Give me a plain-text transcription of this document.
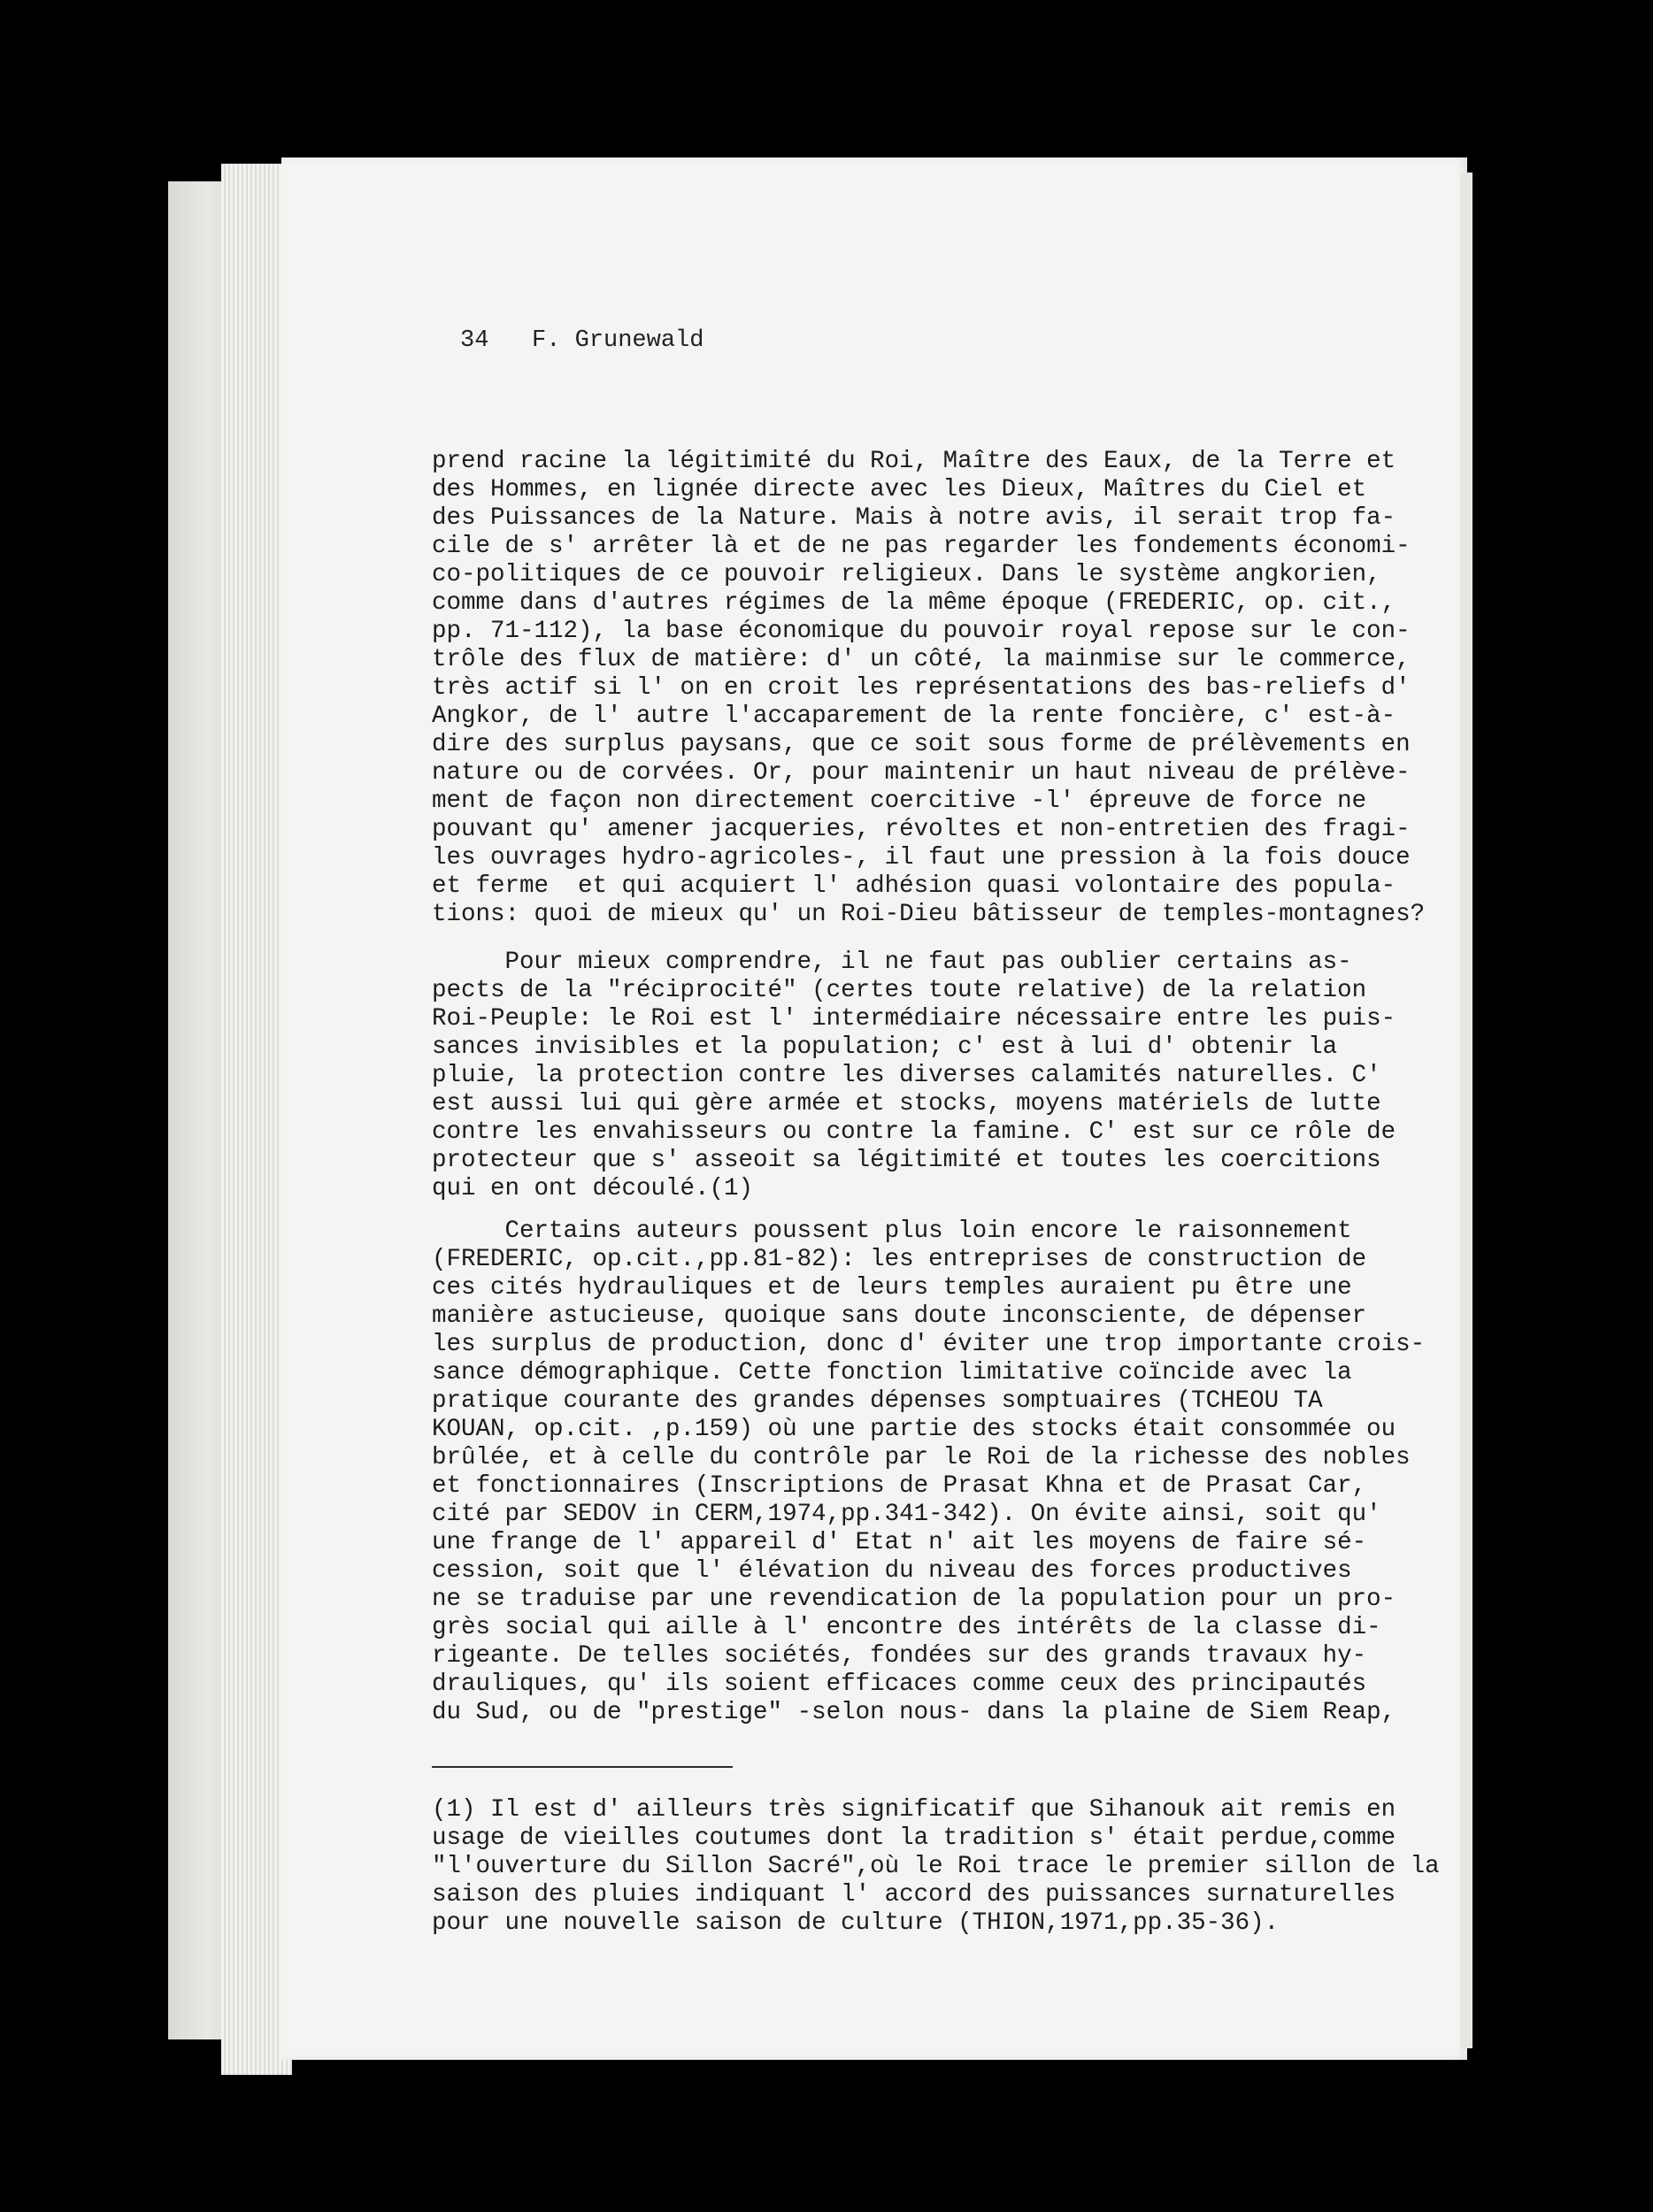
34 F. Grunewald
prend racine la légitimité du Roi, Maître des Eaux, de la Terre et
des Hommes, en lignée directe avec les Dieux, Maîtres du Ciel et
des Puissances de la Nature. Mais à notre avis, il serait trop fa-
cile de s' arrêter là et de ne pas regarder les fondements économi-
co-politiques de ce pouvoir religieux. Dans le système angkorien,
comme dans d'autres régimes de la même époque (FREDERIC, op. cit.,
pp. 71-112), la base économique du pouvoir royal repose sur le con-
trôle des flux de matière: d' un côté, la mainmise sur le commerce,
très actif si l' on en croit les représentations des bas-reliefs d'
Angkor, de l' autre l'accaparement de la rente foncière, c' est-à-
dire des surplus paysans, que ce soit sous forme de prélèvements en
nature ou de corvées. Or, pour maintenir un haut niveau de prélève-
ment de façon non directement coercitive -l' épreuve de force ne
pouvant qu' amener jacqueries, révoltes et non-entretien des fragi-
les ouvrages hydro-agricoles-, il faut une pression à la fois douce
et ferme  et qui acquiert l' adhésion quasi volontaire des popula-
tions: quoi de mieux qu' un Roi-Dieu bâtisseur de temples-montagnes?
Pour mieux comprendre, il ne faut pas oublier certains as-
pects de la "réciprocité" (certes toute relative) de la relation
Roi-Peuple: le Roi est l' intermédiaire nécessaire entre les puis-
sances invisibles et la population; c' est à lui d' obtenir la
pluie, la protection contre les diverses calamités naturelles. C'
est aussi lui qui gère armée et stocks, moyens matériels de lutte
contre les envahisseurs ou contre la famine. C' est sur ce rôle de
protecteur que s' asseoit sa légitimité et toutes les coercitions
qui en ont découlé.(1)
Certains auteurs poussent plus loin encore le raisonnement
(FREDERIC, op.cit.,pp.81-82): les entreprises de construction de
ces cités hydrauliques et de leurs temples auraient pu être une
manière astucieuse, quoique sans doute inconsciente, de dépenser
les surplus de production, donc d' éviter une trop importante crois-
sance démographique. Cette fonction limitative coïncide avec la
pratique courante des grandes dépenses somptuaires (TCHEOU TA
KOUAN, op.cit. ,p.159) où une partie des stocks était consommée ou
brûlée, et à celle du contrôle par le Roi de la richesse des nobles
et fonctionnaires (Inscriptions de Prasat Khna et de Prasat Car,
cité par SEDOV in CERM,1974,pp.341-342). On évite ainsi, soit qu'
une frange de l' appareil d' Etat n' ait les moyens de faire sé-
cession, soit que l' élévation du niveau des forces productives
ne se traduise par une revendication de la population pour un pro-
grès social qui aille à l' encontre des intérêts de la classe di-
rigeante. De telles sociétés, fondées sur des grands travaux hy-
drauliques, qu' ils soient efficaces comme ceux des principautés
du Sud, ou de "prestige" -selon nous- dans la plaine de Siem Reap,
(1) Il est d' ailleurs très significatif que Sihanouk ait remis en
usage de vieilles coutumes dont la tradition s' était perdue,comme
"l'ouverture du Sillon Sacré",où le Roi trace le premier sillon de la
saison des pluies indiquant l' accord des puissances surnaturelles
pour une nouvelle saison de culture (THION,1971,pp.35-36).
